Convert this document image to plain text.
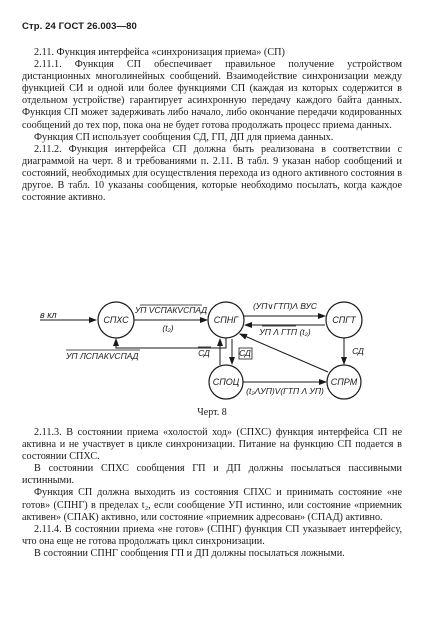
Стр. 24 ГОСТ 26.003—80

2.11. Функция интерфейса «синхронизация приема» (СП)

2.11.1. Функция СП обеспечивает правильное получение устройством дистанционных многолинейных сообщений. Взаимодействие синхронизации между функцией СИ и одной или более функциями СП (каждая из которых содержится в отдельном устройстве) гарантирует асинхронную передачу каждого байта данных. Функция СП может задерживать либо начало, либо окончание передачи кодированных сообщений до тех пор, пока она не будет готова продолжать процесс приема данных.

Функция СП использует сообщения СД, ГП, ДП для приема данных.

2.11.2. Функция интерфейса СП должна быть реализована в соответствии с диаграммой на черт. 8 и требованиями п. 2.11. В табл. 9 указан набор сообщений и состояний, необходимых для осуществления перехода из одного активного состояния в другое. В табл. 10 указаны сообщения, которые необходимо посылать, когда каждое состояние активно.

в кл	СПХС	СПНГ	СПГТ
СПОЦ	СПРМ
УП VСПАКVСПАД
(t₂)
УП ЛСПАКVСПАД
(УП∨ГТП)Λ ВУС
УП Λ ГТП (t₂)
СД	СД	СД
(t₂ΛУП)V(ГТП Λ УП)
Черт. 8

2.11.3. В состоянии приема «холостой ход» (СПХС) функция интерфейса СП не активна и не участвует в цикле синхронизации. Питание на функцию СП подается в состоянии СПХС.

В состоянии СПХС сообщения ГП и ДП должны посылаться пассивными истинными.

Функция СП должна выходить из состояния СПХС и принимать состояние «не готов» (СПНГ) в пределах t₂, если сообщение УП истинно, или состояние «приемник активен» (СПАК) активно, или состояние «приемник адресован» (СПАД) активно.

2.11.4. В состоянии приема «не готов» (СПНГ) функция СП указывает интерфейсу, что она еще не готова продолжать цикл синхронизации.

В состоянии СПНГ сообщения ГП и ДП должны посылаться ложными.
